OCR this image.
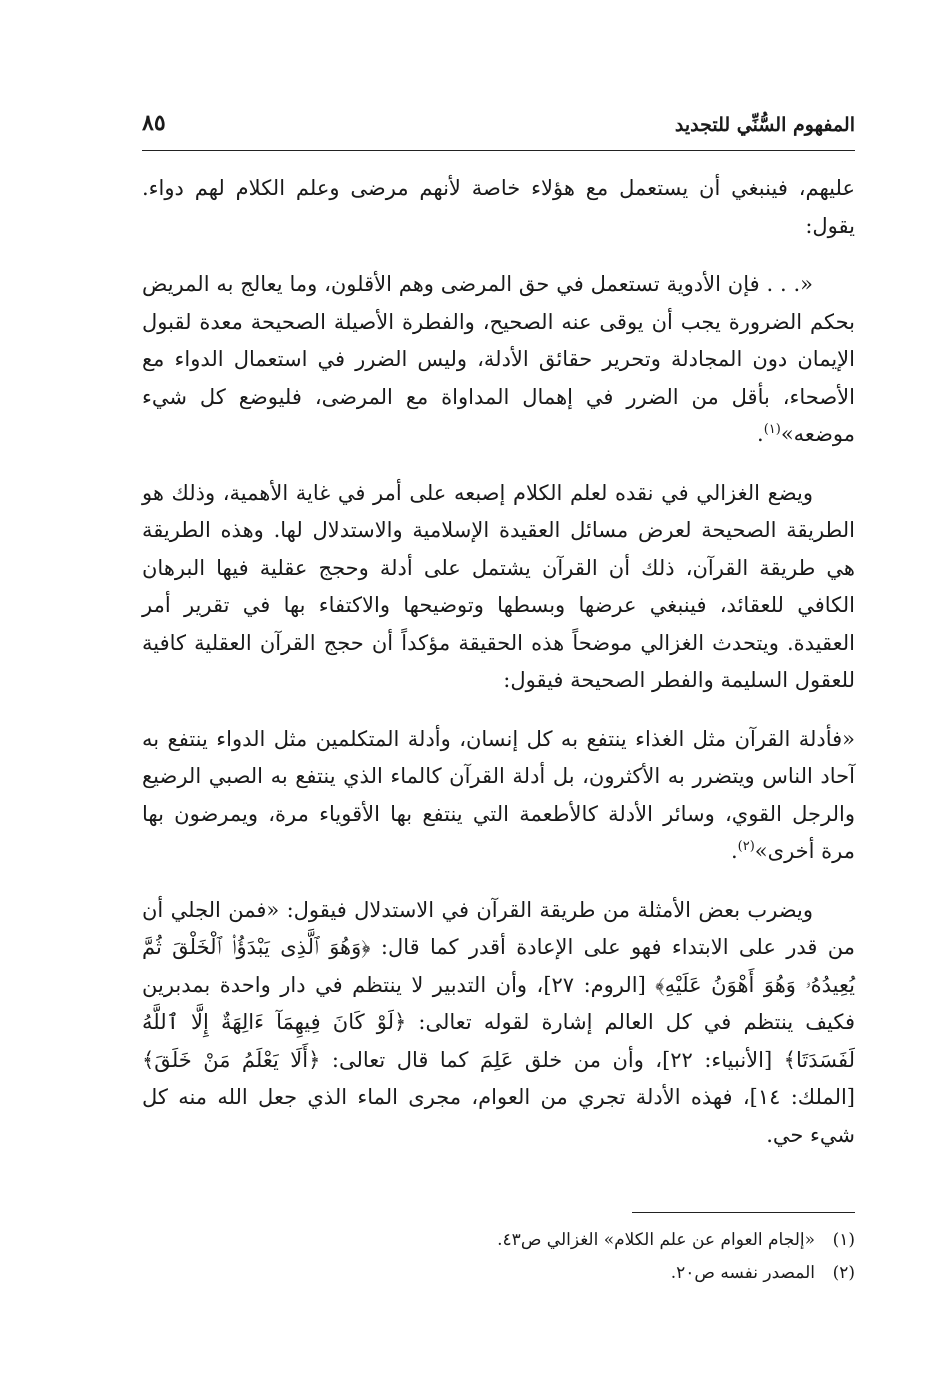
المفهوم السُّنِّي للتجديد
٨٥

عليهم، فينبغي أن يستعمل مع هؤلاء خاصة لأنهم مرضى وعلم الكلام لهم دواء. يقول:

«. . . فإن الأدوية تستعمل في حق المرضى وهم الأقلون، وما يعالج به المريض بحكم الضرورة يجب أن يوقى عنه الصحيح، والفطرة الأصيلة الصحيحة معدة لقبول الإيمان دون المجادلة وتحرير حقائق الأدلة، وليس الضرر في استعمال الدواء مع الأصحاء، بأقل من الضرر في إهمال المداواة مع المرضى، فليوضع كل شيء موضعه»$^{(١)}$.

ويضع الغزالي في نقده لعلم الكلام إصبعه على أمر في غاية الأهمية، وذلك هو الطريقة الصحيحة لعرض مسائل العقيدة الإسلامية والاستدلال لها. وهذه الطريقة هي طريقة القرآن، ذلك أن القرآن يشتمل على أدلة وحجج عقلية فيها البرهان الكافي للعقائد، فينبغي عرضها وبسطها وتوضيحها والاكتفاء بها في تقرير أمر العقيدة. ويتحدث الغزالي موضحاً هذه الحقيقة مؤكداً أن حجج القرآن العقلية كافية للعقول السليمة والفطر الصحيحة فيقول:

«فأدلة القرآن مثل الغذاء ينتفع به كل إنسان، وأدلة المتكلمين مثل الدواء ينتفع به آحاد الناس ويتضرر به الأكثرون، بل أدلة القرآن كالماء الذي ينتفع به الصبي الرضيع والرجل القوي، وسائر الأدلة كالأطعمة التي ينتفع بها الأقوياء مرة، ويمرضون بها مرة أخرى»$^{(٢)}$.

ويضرب بعض الأمثلة من طريقة القرآن في الاستدلال فيقول: «فمن الجلي أن من قدر على الابتداء فهو على الإعادة أقدر كما قال: ﴿وَهُوَ ٱلَّذِى يَبْدَؤُا۟ ٱلْخَلْقَ ثُمَّ يُعِيدُهُۥ وَهُوَ أَهْوَنُ عَلَيْهِ﴾ [الروم: ٢٧]، وأن التدبير لا ينتظم في دار واحدة بمدبرين فكيف ينتظم في كل العالم إشارة لقوله تعالى: ﴿لَوْ كَانَ فِيهِمَآ ءَالِهَةٌ إِلَّا ٱللَّهُ لَفَسَدَتَا﴾ [الأنبياء: ٢٢]، وأن من خلق عَلِمَ كما قال تعالى: ﴿أَلَا يَعْلَمُ مَنْ خَلَقَ﴾ [الملك: ١٤]، فهذه الأدلة تجري من العوام، مجرى الماء الذي جعل الله منه كل شيء حي.

(١)«إلجام العوام عن علم الكلام» الغزالي ص٤٣.

(٢)المصدر نفسه ص٢٠.
